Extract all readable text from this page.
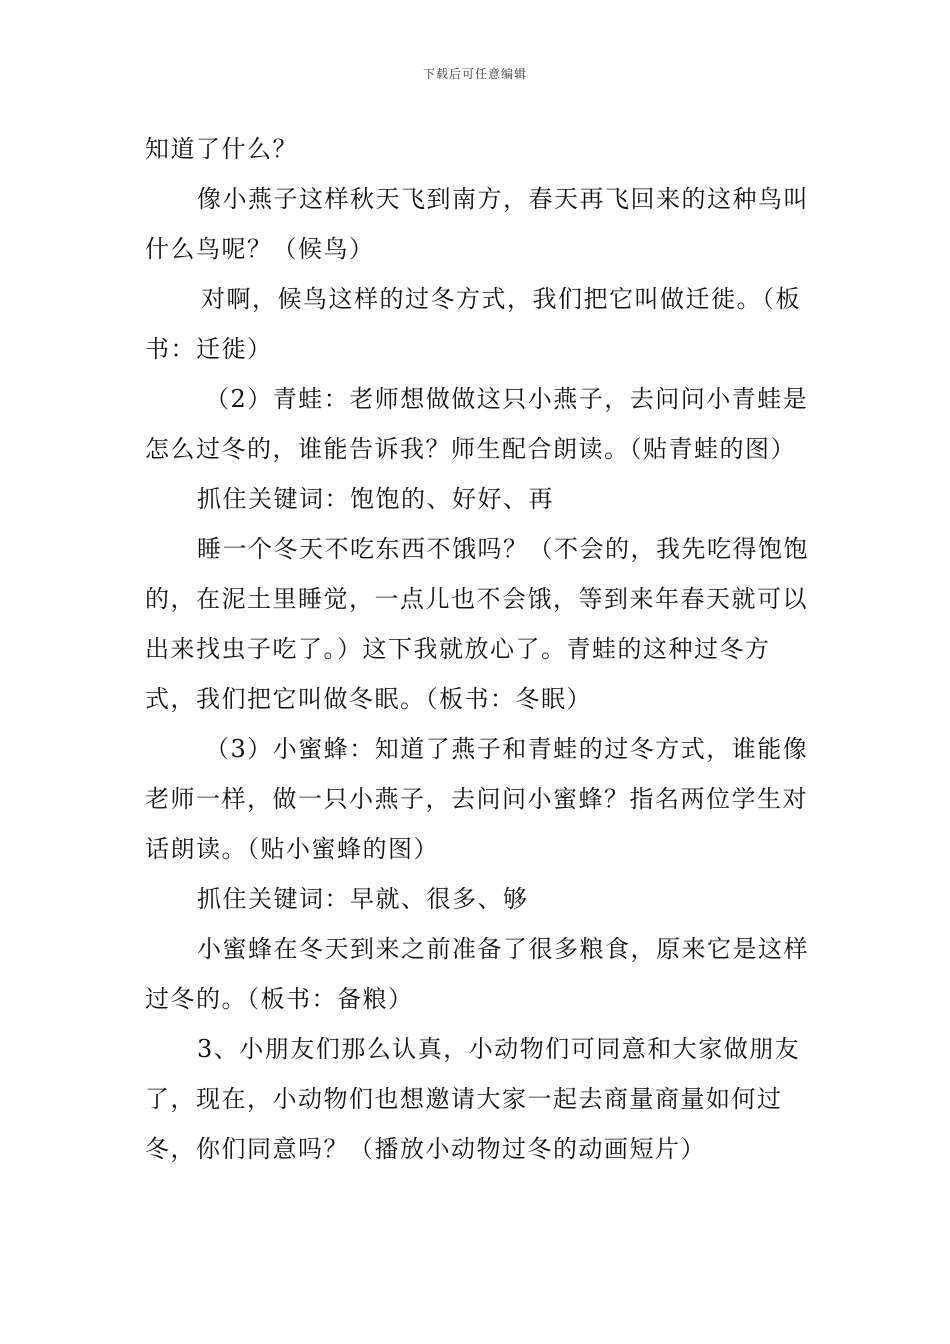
下载后可任意编辑

知道了什么？

像小燕子这样秋天飞到南方，春天再飞回来的这种鸟叫什么鸟呢？（候鸟）

对啊，候鸟这样的过冬方式，我们把它叫做迁徙。（板书：迁徙）

（2）青蛙：老师想做做这只小燕子，去问问小青蛙是怎么过冬的，谁能告诉我？师生配合朗读。（贴青蛙的图）

抓住关键词：饱饱的、好好、再

睡一个冬天不吃东西不饿吗？（不会的，我先吃得饱饱的，在泥土里睡觉，一点儿也不会饿，等到来年春天就可以出来找虫子吃了。）这下我就放心了。青蛙的这种过冬方式，我们把它叫做冬眠。（板书：冬眠）

（3）小蜜蜂：知道了燕子和青蛙的过冬方式，谁能像老师一样，做一只小燕子，去问问小蜜蜂？指名两位学生对话朗读。（贴小蜜蜂的图）

抓住关键词：早就、很多、够

小蜜蜂在冬天到来之前准备了很多粮食，原来它是这样过冬的。（板书：备粮）

3、小朋友们那么认真，小动物们可同意和大家做朋友了，现在，小动物们也想邀请大家一起去商量商量如何过冬，你们同意吗？（播放小动物过冬的动画短片）
